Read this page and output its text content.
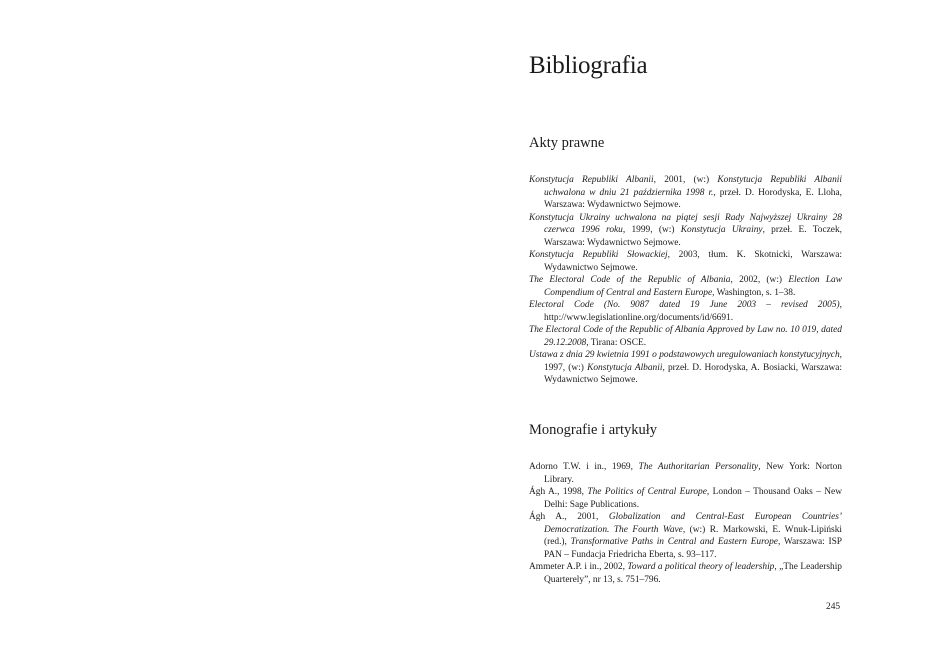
Bibliografia
Akty prawne
Konstytucja Republiki Albanii, 2001, (w:) Konstytucja Republiki Albanii uchwalona w dniu 21 października 1998 r., przeł. D. Horodyska, E. Lloha, Warszawa: Wydawnictwo Sejmowe.
Konstytucja Ukrainy uchwalona na piątej sesji Rady Najwyższej Ukrainy 28 czerwca 1996 roku, 1999, (w:) Konstytucja Ukrainy, przeł. E. Toczek, Warszawa: Wydawnictwo Sejmowe.
Konstytucja Republiki Słowackiej, 2003, tłum. K. Skotnicki, Warszawa: Wydawnictwo Sejmowe.
The Electoral Code of the Republic of Albania, 2002, (w:) Election Law Compendium of Central and Eastern Europe, Washington, s. 1–38.
Electoral Code (No. 9087 dated 19 June 2003 – revised 2005), http://www.legislationline.org/documents/id/6691.
The Electoral Code of the Republic of Albania Approved by Law no. 10 019, dated 29.12.2008, Tirana: OSCE.
Ustawa z dnia 29 kwietnia 1991 o podstawowych uregulowaniach konstytucyjnych, 1997, (w:) Konstytucja Albanii, przeł. D. Horodyska, A. Bosiacki, Warszawa: Wydawnictwo Sejmowe.
Monografie i artykuły
Adorno T.W. i in., 1969, The Authoritarian Personality, New York: Norton Library.
Ágh A., 1998, The Politics of Central Europe, London – Thousand Oaks – New Delhi: Sage Publications.
Ágh A., 2001, Globalization and Central-East European Countries’ Democratization. The Fourth Wave, (w:) R. Markowski, E. Wnuk-Lipiński (red.), Transformative Paths in Central and Eastern Europe, Warszawa: ISP PAN – Fundacja Friedricha Eberta, s. 93–117.
Ammeter A.P. i in., 2002, Toward a political theory of leadership, „The Leadership Quarterely”, nr 13, s. 751–796.
245
